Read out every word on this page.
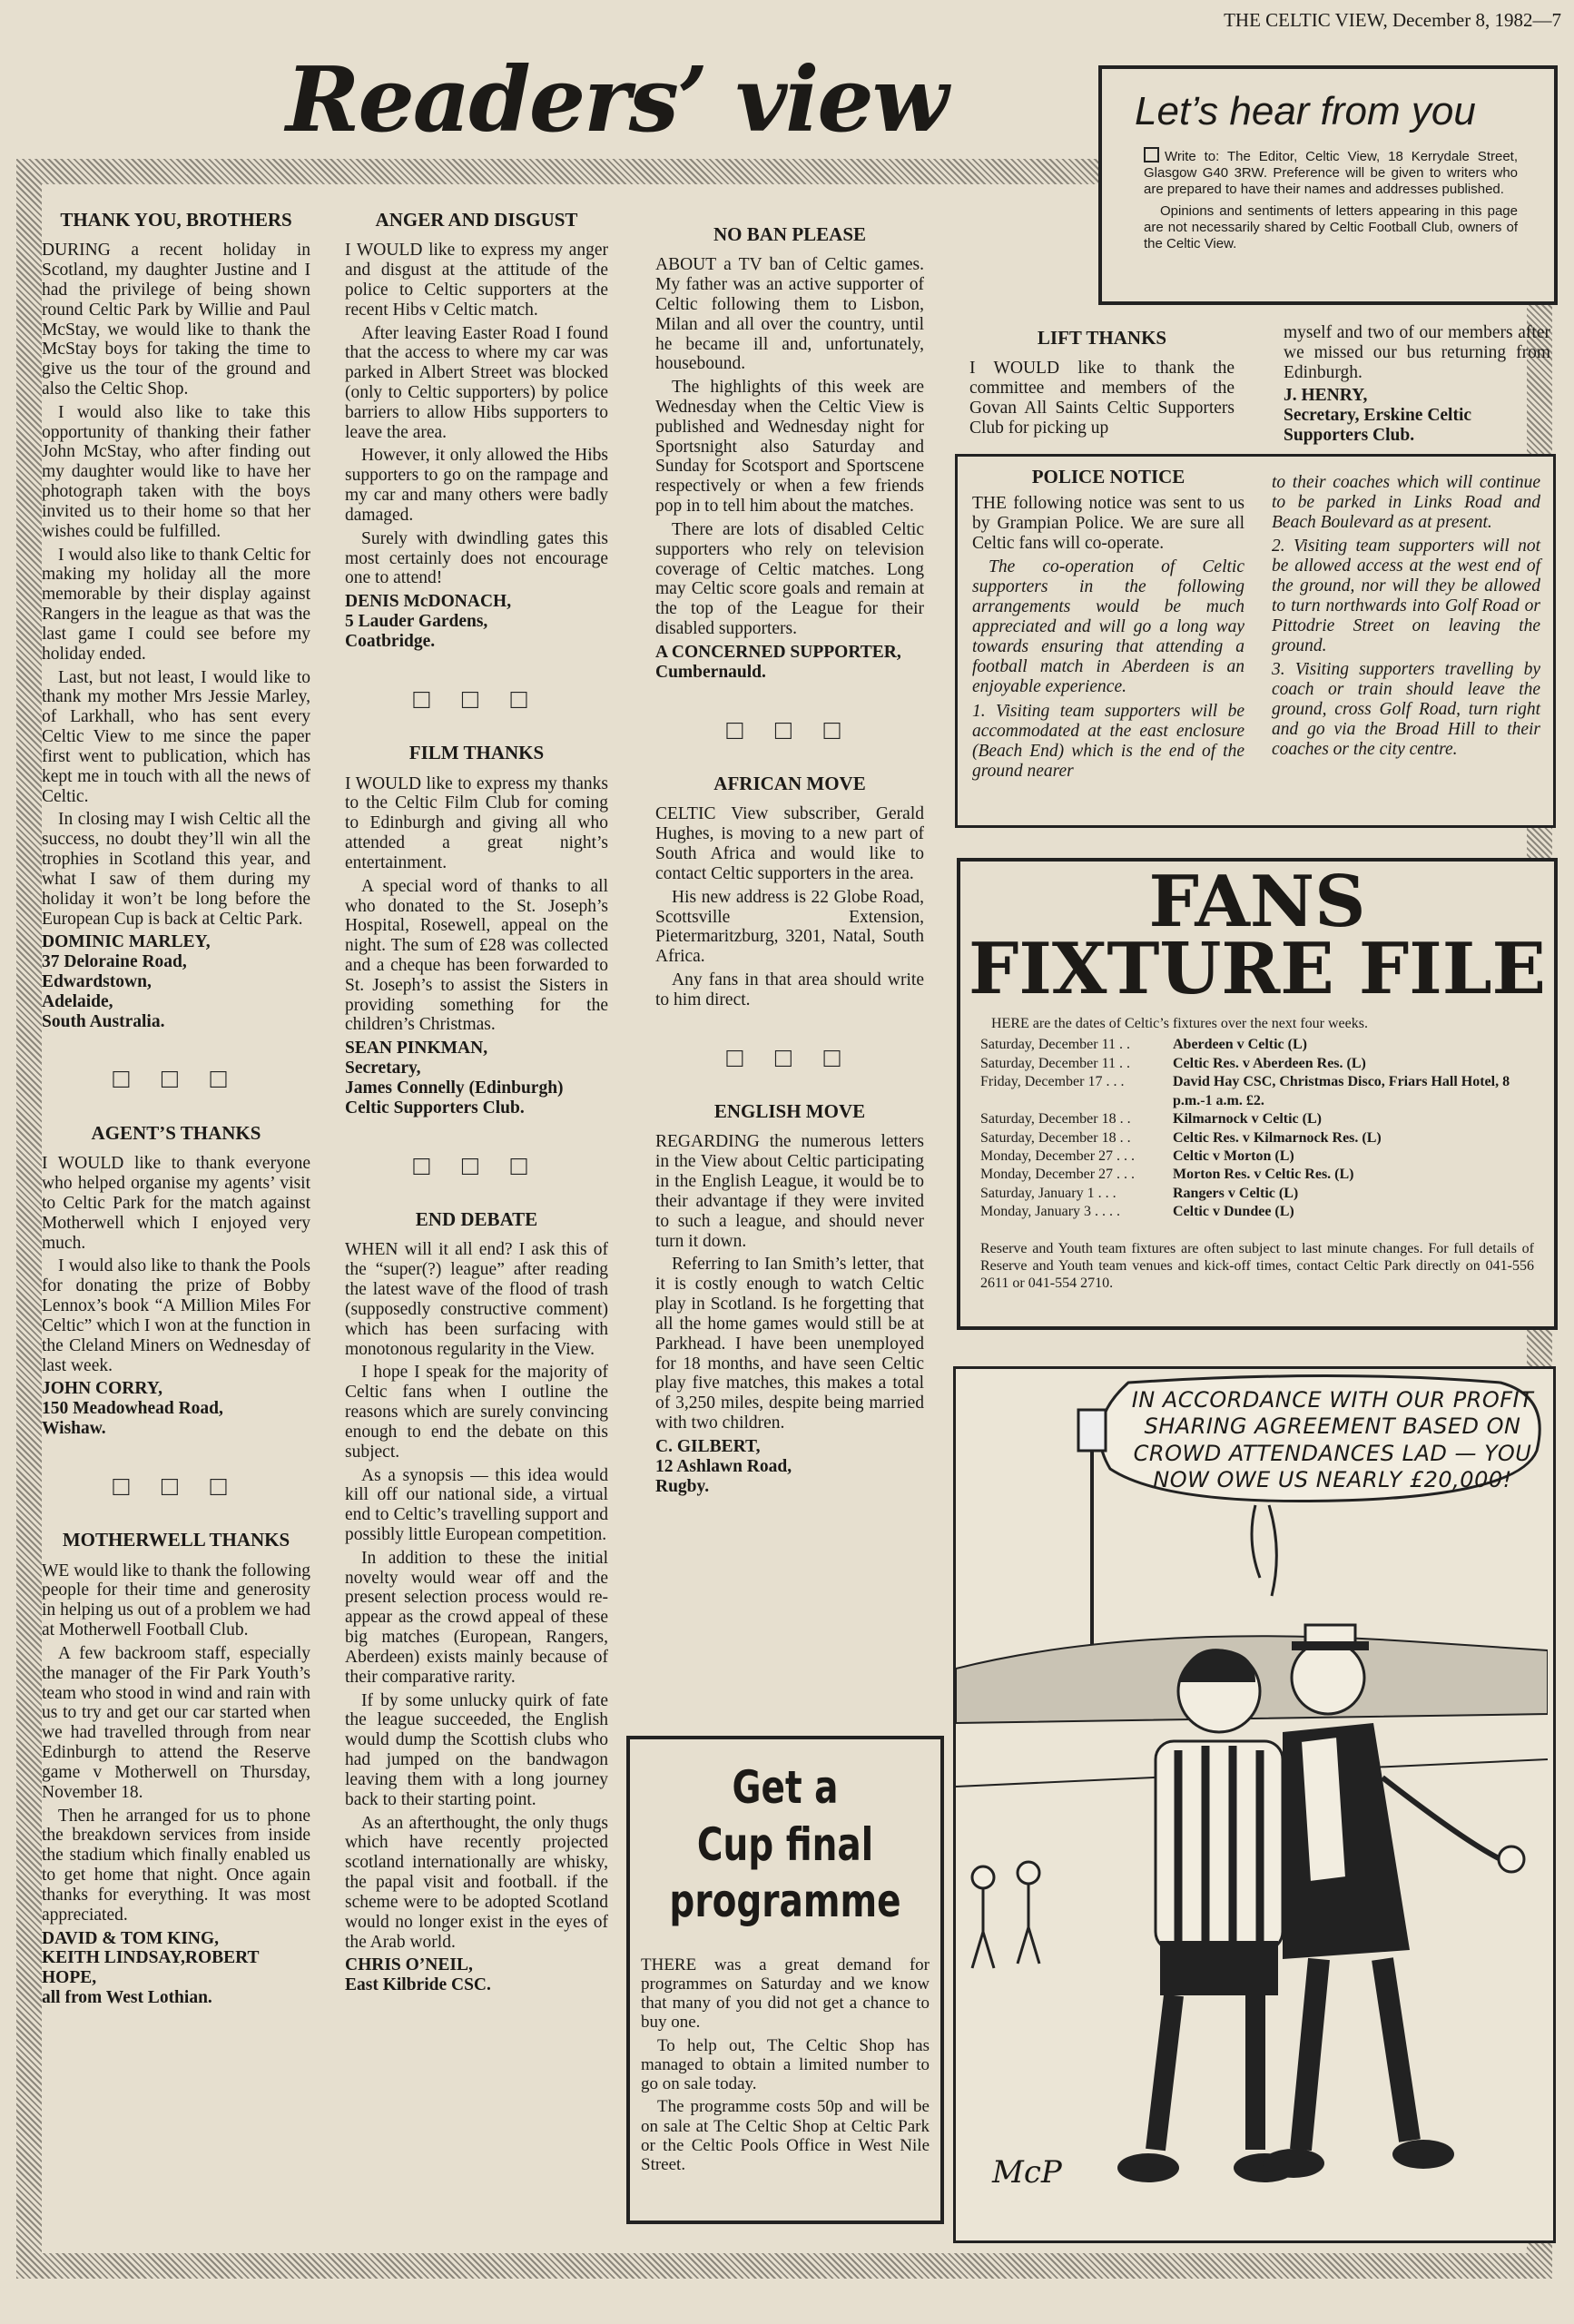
THE CELTIC VIEW, December 8, 1982—7
Readers’ view
THANK YOU, BROTHERS

DURING a recent holiday in Scotland, my daughter Justine and I had the privilege of being shown round Celtic Park by Willie and Paul McStay, we would like to thank the McStay boys for taking the time to give us the tour of the ground and also the Celtic Shop.

I would also like to take this opportunity of thanking their father John McStay, who after finding out my daughter would like to have her photograph taken with the boys invited us to their home so that her wishes could be fulfilled.

I would also like to thank Celtic for making my holiday all the more memorable by their display against Rangers in the league as that was the last game I could see before my holiday ended.

Last, but not least, I would like to thank my mother Mrs Jessie Marley, of Larkhall, who has sent every Celtic View to me since the paper first went to publication, which has kept me in touch with all the news of Celtic.

In closing may I wish Celtic all the success, no doubt they’ll win all the trophies in Scotland this year, and what I saw of them during my holiday it won’t be long before the European Cup is back at Celtic Park.

DOMINIC MARLEY,
37 Deloraine Road,
Edwardstown,
Adelaide,
South Australia.
□ □ □
AGENT’S THANKS

I WOULD like to thank everyone who helped organise my agents’ visit to Celtic Park for the match against Motherwell which I enjoyed very much.

I would also like to thank the Pools for donating the prize of Bobby Lennox’s book “A Million Miles For Celtic” which I won at the function in the Cleland Miners on Wednesday of last week.

JOHN CORRY,
150 Meadowhead Road,
Wishaw.
□ □ □
MOTHERWELL THANKS

WE would like to thank the following people for their time and generosity in helping us out of a problem we had at Motherwell Football Club.

A few backroom staff, especially the manager of the Fir Park Youth’s team who stood in wind and rain with us to try and get our car started when we had travelled through from near Edinburgh to attend the Reserve game v Motherwell on Thursday, November 18.

Then he arranged for us to phone the breakdown services from inside the stadium which finally enabled us to get home that night. Once again thanks for everything. It was most appreciated.

DAVID & TOM KING,
KEITH LINDSAY,ROBERT HOPE,
all from West Lothian.
ANGER AND DISGUST

I WOULD like to express my anger and disgust at the attitude of the police to Celtic supporters at the recent Hibs v Celtic match.

After leaving Easter Road I found that the access to where my car was parked in Albert Street was blocked (only to Celtic supporters) by police barriers to allow Hibs supporters to leave the area.

However, it only allowed the Hibs supporters to go on the rampage and my car and many others were badly damaged.

Surely with dwindling gates this most certainly does not encourage one to attend!

DENIS McDONACH,
5 Lauder Gardens,
Coatbridge.
□ □ □
FILM THANKS

I WOULD like to express my thanks to the Celtic Film Club for coming to Edinburgh and giving all who attended a great night’s entertainment.

A special word of thanks to all who donated to the St. Joseph’s Hospital, Rosewell, appeal on the night. The sum of £28 was collected and a cheque has been forwarded to St. Joseph’s to assist the Sisters in providing something for the children’s Christmas.

SEAN PINKMAN,
Secretary,
James Connelly (Edinburgh)
Celtic Supporters Club.
□ □ □
END DEBATE

WHEN will it all end? I ask this of the “super(?) league” after reading the latest wave of the flood of trash (supposedly constructive comment) which has been surfacing with monotonous regularity in the View.

I hope I speak for the majority of Celtic fans when I outline the reasons which are surely convincing enough to end the debate on this subject.

As a synopsis — this idea would kill off our national side, a virtual end to Celtic’s travelling support and possibly little European competition.

In addition to these the initial novelty would wear off and the present selection process would re-appear as the crowd appeal of these big matches (European, Rangers, Aberdeen) exists mainly because of their comparative rarity.

If by some unlucky quirk of fate the league succeeded, the English would dump the Scottish clubs who had jumped on the bandwagon leaving them with a long journey back to their starting point.

As an afterthought, the only thugs which have recently projected scotland internationally are whisky, the papal visit and football. if the scheme were to be adopted Scotland would no longer exist in the eyes of the Arab world.

CHRIS O’NEIL,
East Kilbride CSC.
NO BAN PLEASE

ABOUT a TV ban of Celtic games. My father was an active supporter of Celtic following them to Lisbon, Milan and all over the country, until he became ill and, unfortunately, housebound.

The highlights of this week are Wednesday when the Celtic View is published and Wednesday night for Sportsnight also Saturday and Sunday for Scotsport and Sportscene respectively or when a few friends pop in to tell him about the matches.

There are lots of disabled Celtic supporters who rely on television coverage of Celtic matches. Long may Celtic score goals and remain at the top of the League for their disabled supporters.

A CONCERNED SUPPORTER,
Cumbernauld.
□ □ □
AFRICAN MOVE

CELTIC View subscriber, Gerald Hughes, is moving to a new part of South Africa and would like to contact Celtic supporters in the area.

His new address is 22 Globe Road, Scottsville Extension, Pietermaritzburg, 3201, Natal, South Africa.

Any fans in that area should write to him direct.

□ □ □
ENGLISH MOVE

REGARDING the numerous letters in the View about Celtic participating in the English League, it would be to their advantage if they were invited to such a league, and should never turn it down.

Referring to Ian Smith’s letter, that it is costly enough to watch Celtic play in Scotland. Is he forgetting that all the home games would still be at Parkhead. I have been unemployed for 18 months, and have seen Celtic play five matches, this makes a total of 3,250 miles, despite being married with two children.

C. GILBERT,
12 Ashlawn Road,
Rugby.
Let’s hear from you
Write to: The Editor, Celtic View, 18 Kerrydale Street, Glasgow G40 3RW. Preference will be given to writers who are prepared to have their names and addresses published.
Opinions and sentiments of letters appearing in this page are not necessarily shared by Celtic Football Club, owners of the Celtic View.
LIFT THANKS

I WOULD like to thank the committee and members of the Govan All Saints Celtic Supporters Club for picking up

myself and two of our members after we missed our bus returning from Edinburgh.

J. HENRY,
Secretary, Erskine Celtic Supporters Club.
POLICE NOTICE

THE following notice was sent to us by Grampian Police. We are sure all Celtic fans will co-operate.

The co-operation of Celtic supporters in the following arrangements would be much appreciated and will go a long way towards ensuring that attending a football match in Aberdeen is an enjoyable experience.

1. Visiting team supporters will be accommodated at the east enclosure (Beach End) which is the end of the ground nearer

to their coaches which will continue to be parked in Links Road and Beach Boulevard as at present.

2. Visiting team supporters will not be allowed access at the west end of the ground, nor will they be allowed to turn northwards into Golf Road or Pittodrie Street on leaving the ground.

3. Visiting supporters travelling by coach or train should leave the ground, cross Golf Road, turn right and go via the Broad Hill to their coaches or the city centre.

FANS
FIXTURE FILE
HERE are the dates of Celtic’s fixtures over the next four weeks.
Saturday, December 11 . .	Aberdeen v Celtic (L)
Saturday, December 11 . .	Celtic Res. v Aberdeen Res. (L)
Friday, December 17 . . .	David Hay CSC, Christmas Disco, Friars Hall Hotel, 8 p.m.-1 a.m. £2.
Saturday, December 18 . .	Kilmarnock v Celtic (L)
Saturday, December 18 . .	Celtic Res. v Kilmarnock Res. (L)
Monday, December 27 . . .	Celtic v Morton (L)
Monday, December 27 . . .	Morton Res. v Celtic Res. (L)
Saturday, January 1 . . .	Rangers v Celtic (L)
Monday, January 3 . . . .	Celtic v Dundee (L)
Reserve and Youth team fixtures are often subject to last minute changes. For full details of Reserve and Youth team venues and kick-off times, contact Celtic Park directly on 041-556 2611 or 041-554 2710.
IN ACCORDANCE WITH OUR PROFIT SHARING AGREEMENT BASED ON CROWD ATTENDANCES LAD — YOU NOW OWE US NEARLY £20,000!
McP
Get a
Cup final
programme

THERE was a great demand for programmes on Saturday and we know that many of you did not get a chance to buy one.

To help out, The Celtic Shop has managed to obtain a limited number to go on sale today.

The programme costs 50p and will be on sale at The Celtic Shop at Celtic Park or the Celtic Pools Office in West Nile Street.
